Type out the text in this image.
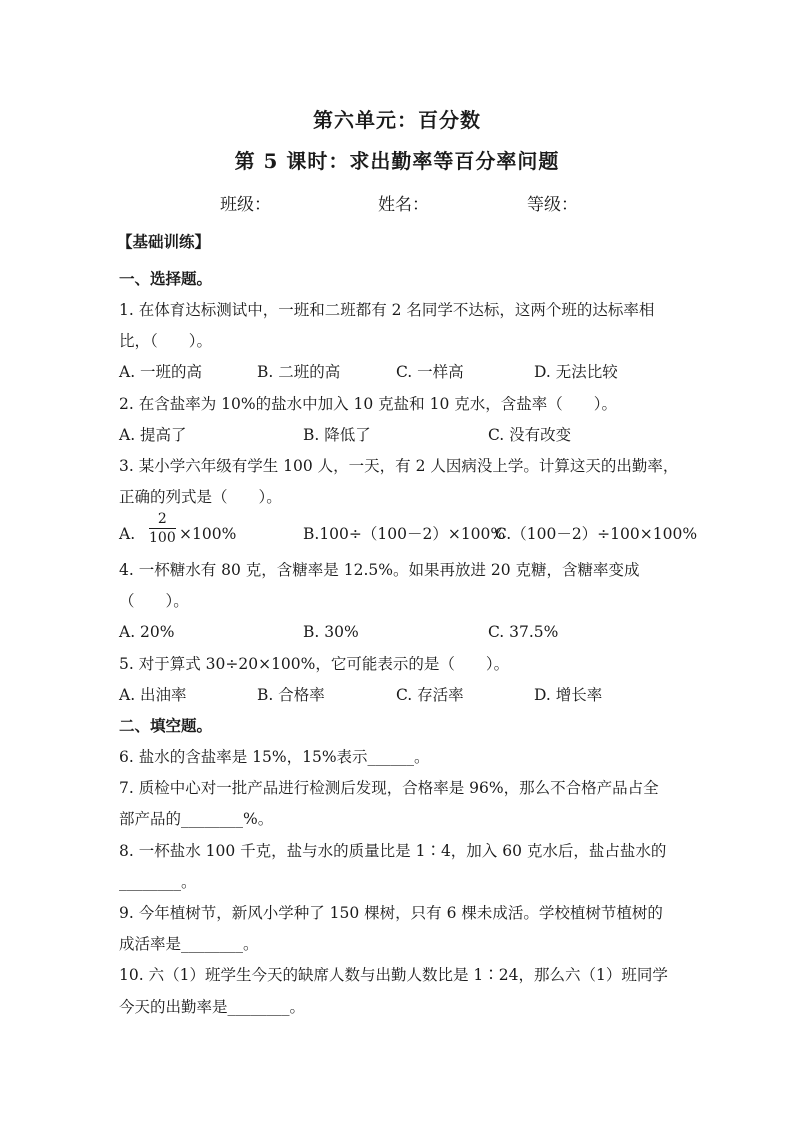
第六单元：百分数
第 5 课时：求出勤率等百分率问题
班级：	姓名：	等级：
【基础训练】
一、选择题。
1. 在体育达标测试中，一班和二班都有 2 名同学不达标，这两个班的达标率相
比，（　　）。
A. 一班的高	B. 二班的高	C. 一样高	D. 无法比较
2. 在含盐率为 10%的盐水中加入 10 克盐和 10 克水，含盐率（　　）。
A. 提高了	B. 降低了	C. 没有改变
3. 某小学六年级有学生 100 人，一天，有 2 人因病没上学。计算这天的出勤率，
正确的列式是（　　）。
A.
2
100 ×100%	B.100÷（100－2）×100%
C.（100－2）÷100×100%
4. 一杯糖水有 80 克，含糖率是 12.5%。如果再放进 20 克糖，含糖率变成
（　　）。
A. 20%	B. 30%	C. 37.5%
5. 对于算式 30÷20×100%，它可能表示的是（　　）。
A. 出油率	B. 合格率	C. 存活率	D. 增长率
二、填空题。
6. 盐水的含盐率是 15%，15%表示______。
7. 质检中心对一批产品进行检测后发现，合格率是 96%，那么不合格产品占全
部产品的________%。
8. 一杯盐水 100 千克，盐与水的质量比是 1∶4，加入 60 克水后，盐占盐水的
________。
9. 今年植树节，新风小学种了 150 棵树，只有 6 棵未成活。学校植树节植树的
成活率是________。
10. 六（1）班学生今天的缺席人数与出勤人数比是 1∶24，那么六（1）班同学
今天的出勤率是________。
